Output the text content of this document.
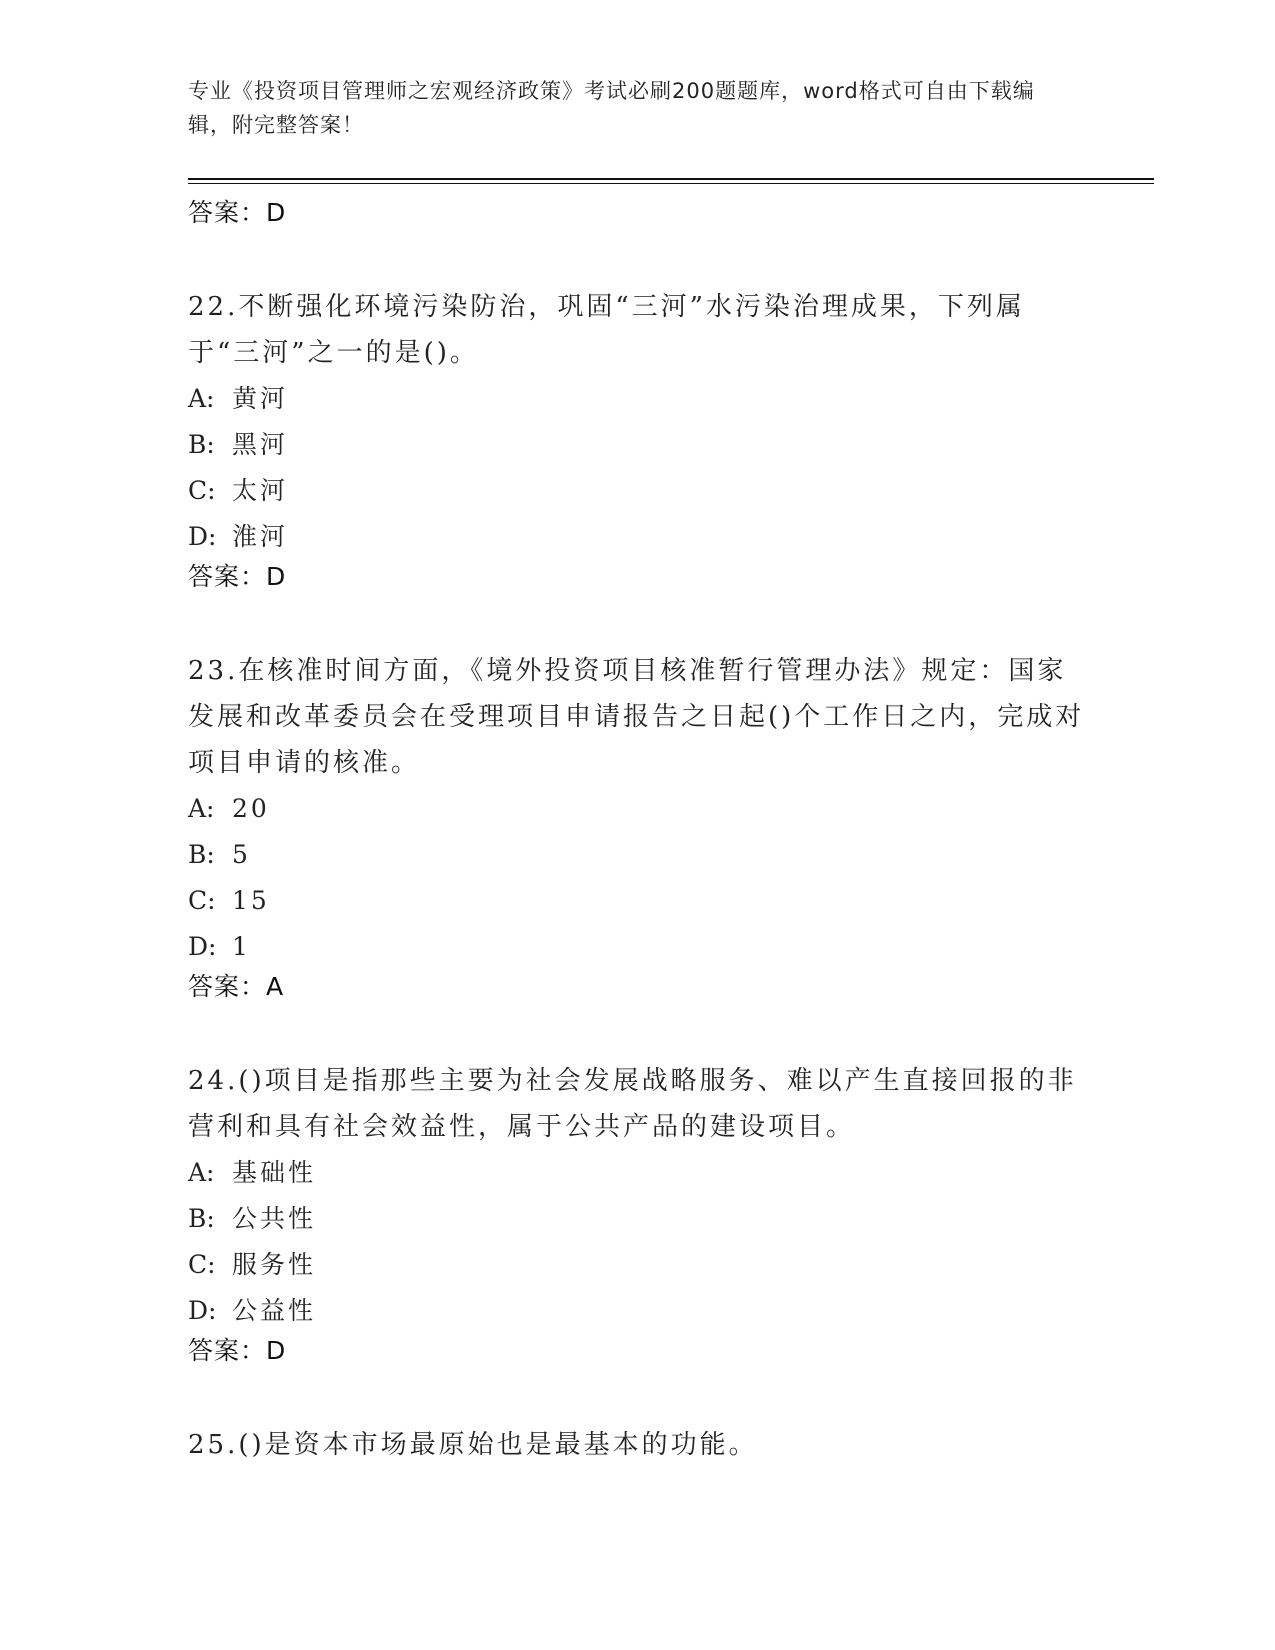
专业《投资项目管理师之宏观经济政策》考试必刷200题题库，word格式可自由下载编辑，附完整答案！
答案：D

22.不断强化环境污染防治，巩固“三河”水污染治理成果，下列属于“三河”之一的是()。

A: 黄河
B: 黑河
C: 太河
D: 淮河
答案：D

23.在核准时间方面，《境外投资项目核准暂行管理办法》规定：国家发展和改革委员会在受理项目申请报告之日起()个工作日之内，完成对项目申请的核准。

A: 20
B: 5
C: 15
D: 1
答案：A

24.()项目是指那些主要为社会发展战略服务、难以产生直接回报的非营利和具有社会效益性，属于公共产品的建设项目。

A: 基础性
B: 公共性
C: 服务性
D: 公益性
答案：D

25.()是资本市场最原始也是最基本的功能。
